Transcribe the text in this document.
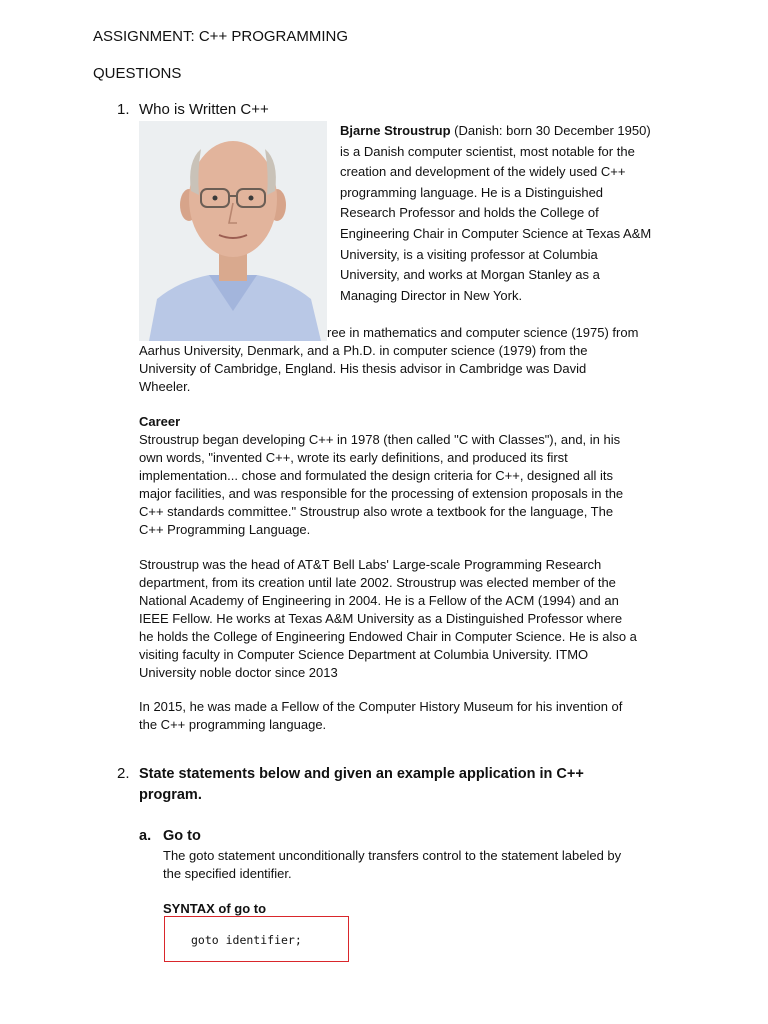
ASSIGNMENT: C++ PROGRAMMING

QUESTIONS

1. Who is Written C++

Bjarne Stroustrup (Danish: born 30 December 1950)
is a Danish computer scientist, most notable for the
creation and development of the widely used C++
programming language. He is a Distinguished
Research Professor and holds the College of
Engineering Chair in Computer Science at Texas A&M
University, is a visiting professor at Columbia
University, and works at Morgan Stanley as a
Managing Director in New York.
ree in mathematics and computer science (1975) from
Aarhus University, Denmark, and a Ph.D. in computer science (1979) from the
University of Cambridge, England. His thesis advisor in Cambridge was David
Wheeler.
Career
Stroustrup began developing C++ in 1978 (then called "C with Classes"), and, in his
own words, "invented C++, wrote its early definitions, and produced its first
implementation... chose and formulated the design criteria for C++, designed all its
major facilities, and was responsible for the processing of extension proposals in the
C++ standards committee." Stroustrup also wrote a textbook for the language, The
C++ Programming Language.
Stroustrup was the head of AT&T Bell Labs' Large-scale Programming Research
department, from its creation until late 2002. Stroustrup was elected member of the
National Academy of Engineering in 2004. He is a Fellow of the ACM (1994) and an
IEEE Fellow. He works at Texas A&M University as a Distinguished Professor where
he holds the College of Engineering Endowed Chair in Computer Science. He is also a
visiting faculty in Computer Science Department at Columbia University. ITMO
University noble doctor since 2013
In 2015, he was made a Fellow of the Computer History Museum for his invention of
the C++ programming language.
2. State statements below and given an example application in C++
program.
a. Go to
The goto statement unconditionally transfers control to the statement labeled by
the specified identifier.
SYNTAX of go to
goto identifier;
